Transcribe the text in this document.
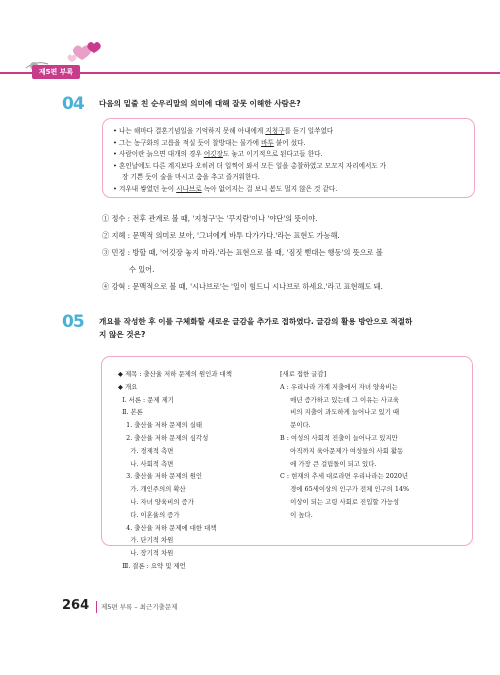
제5편 부록
04 다음의 밑줄 친 순우리말의 의미에 대해 잘못 이해한 사람은?
• 나는 해마다 결혼기념일을 기억하지 못해 아내에게 지청구를 듣기 일쑤였다
• 그는 농구화의 고릅을 적실 듯이 찰방대는 물가에 바투 붙어 섰다.
• 사람이란 늙으면 대개의 경우 어깃장도 놓고 이기적으로 된다고들 한다.
• 혼인날에도 다른 계지보다 오히려 더 일찍이 와서 모든 일을 총찰하였고 모꼬지 자리에서도 가
장 기쁜 듯이 술을 마시고 춤을 추고 즐거워한다.
• 겨우내 쌓였던 눈이 시나브로 녹아 없어지는 걸 보니 봄도 멀지 않은 것 같다.
① 정수 : 전후 관계로 볼 때, '지청구'는 '꾸지람'이나 '야단'의 뜻이야.
② 지혜 : 문맥적 의미로 보아, '그녀에게 바투 다가가다.'라는 표현도 가능해.
③ 민정 : 방할 때, '어깃장 놓지 마라.'라는 표현으로 볼 때, '짐짓 뻗대는 행동'의 뜻으로 볼
수 있어.
④ 강혁 : 문맥적으로 볼 때, '시나브로'는 '일이 힘드니 시나브로 하세요.'라고 표현해도 돼.
05 개요를 작성한 후 이를 구체화할 새로운 글감을 추가로 접하였다. 글감의 활용 방안으로 적절하
지 않은 것은?
◆ 제목 : 출산율 저하 문제의 원인과 대책
◆ 개요
Ⅰ. 서론 : 문제 제기
Ⅱ. 본론
1. 출산율 저하 문제의 실태
2. 출산율 저하 문제의 심각성
가. 경제적 측면
나. 사회적 측면
3. 출산율 저하 문제의 원인
가. 개인주의의 확산
나. 자녀 양육비의 증가
다. 이혼율의 증가
4. 출산율 저하 문제에 대한 대책
가. 단기적 차원
나. 장기적 차원
Ⅲ. 결론 : 요약 및 제언
[새로 접한 글감]
A : 우리나라 가계 지출에서 자녀 양육비는
매년 증가하고 있는데 그 이유는 사교육
비의 지출이 과도하게 늘어나고 있기 때
문이다.
B : 여성의 사회적 진출이 늘어나고 있지만
아직까지 육아문제가 여성들의 사회 활동
에 가장 큰 걸림돌이 되고 있다.
C : 현재의 추세 대로라면 우리나라는 2020년
경에 65세이상의 인구가 전체 인구의 14%
이상이 되는 고령 사회로 진입할 가능성
이 높다.
264 제5편 부록 – 최근기출문제
